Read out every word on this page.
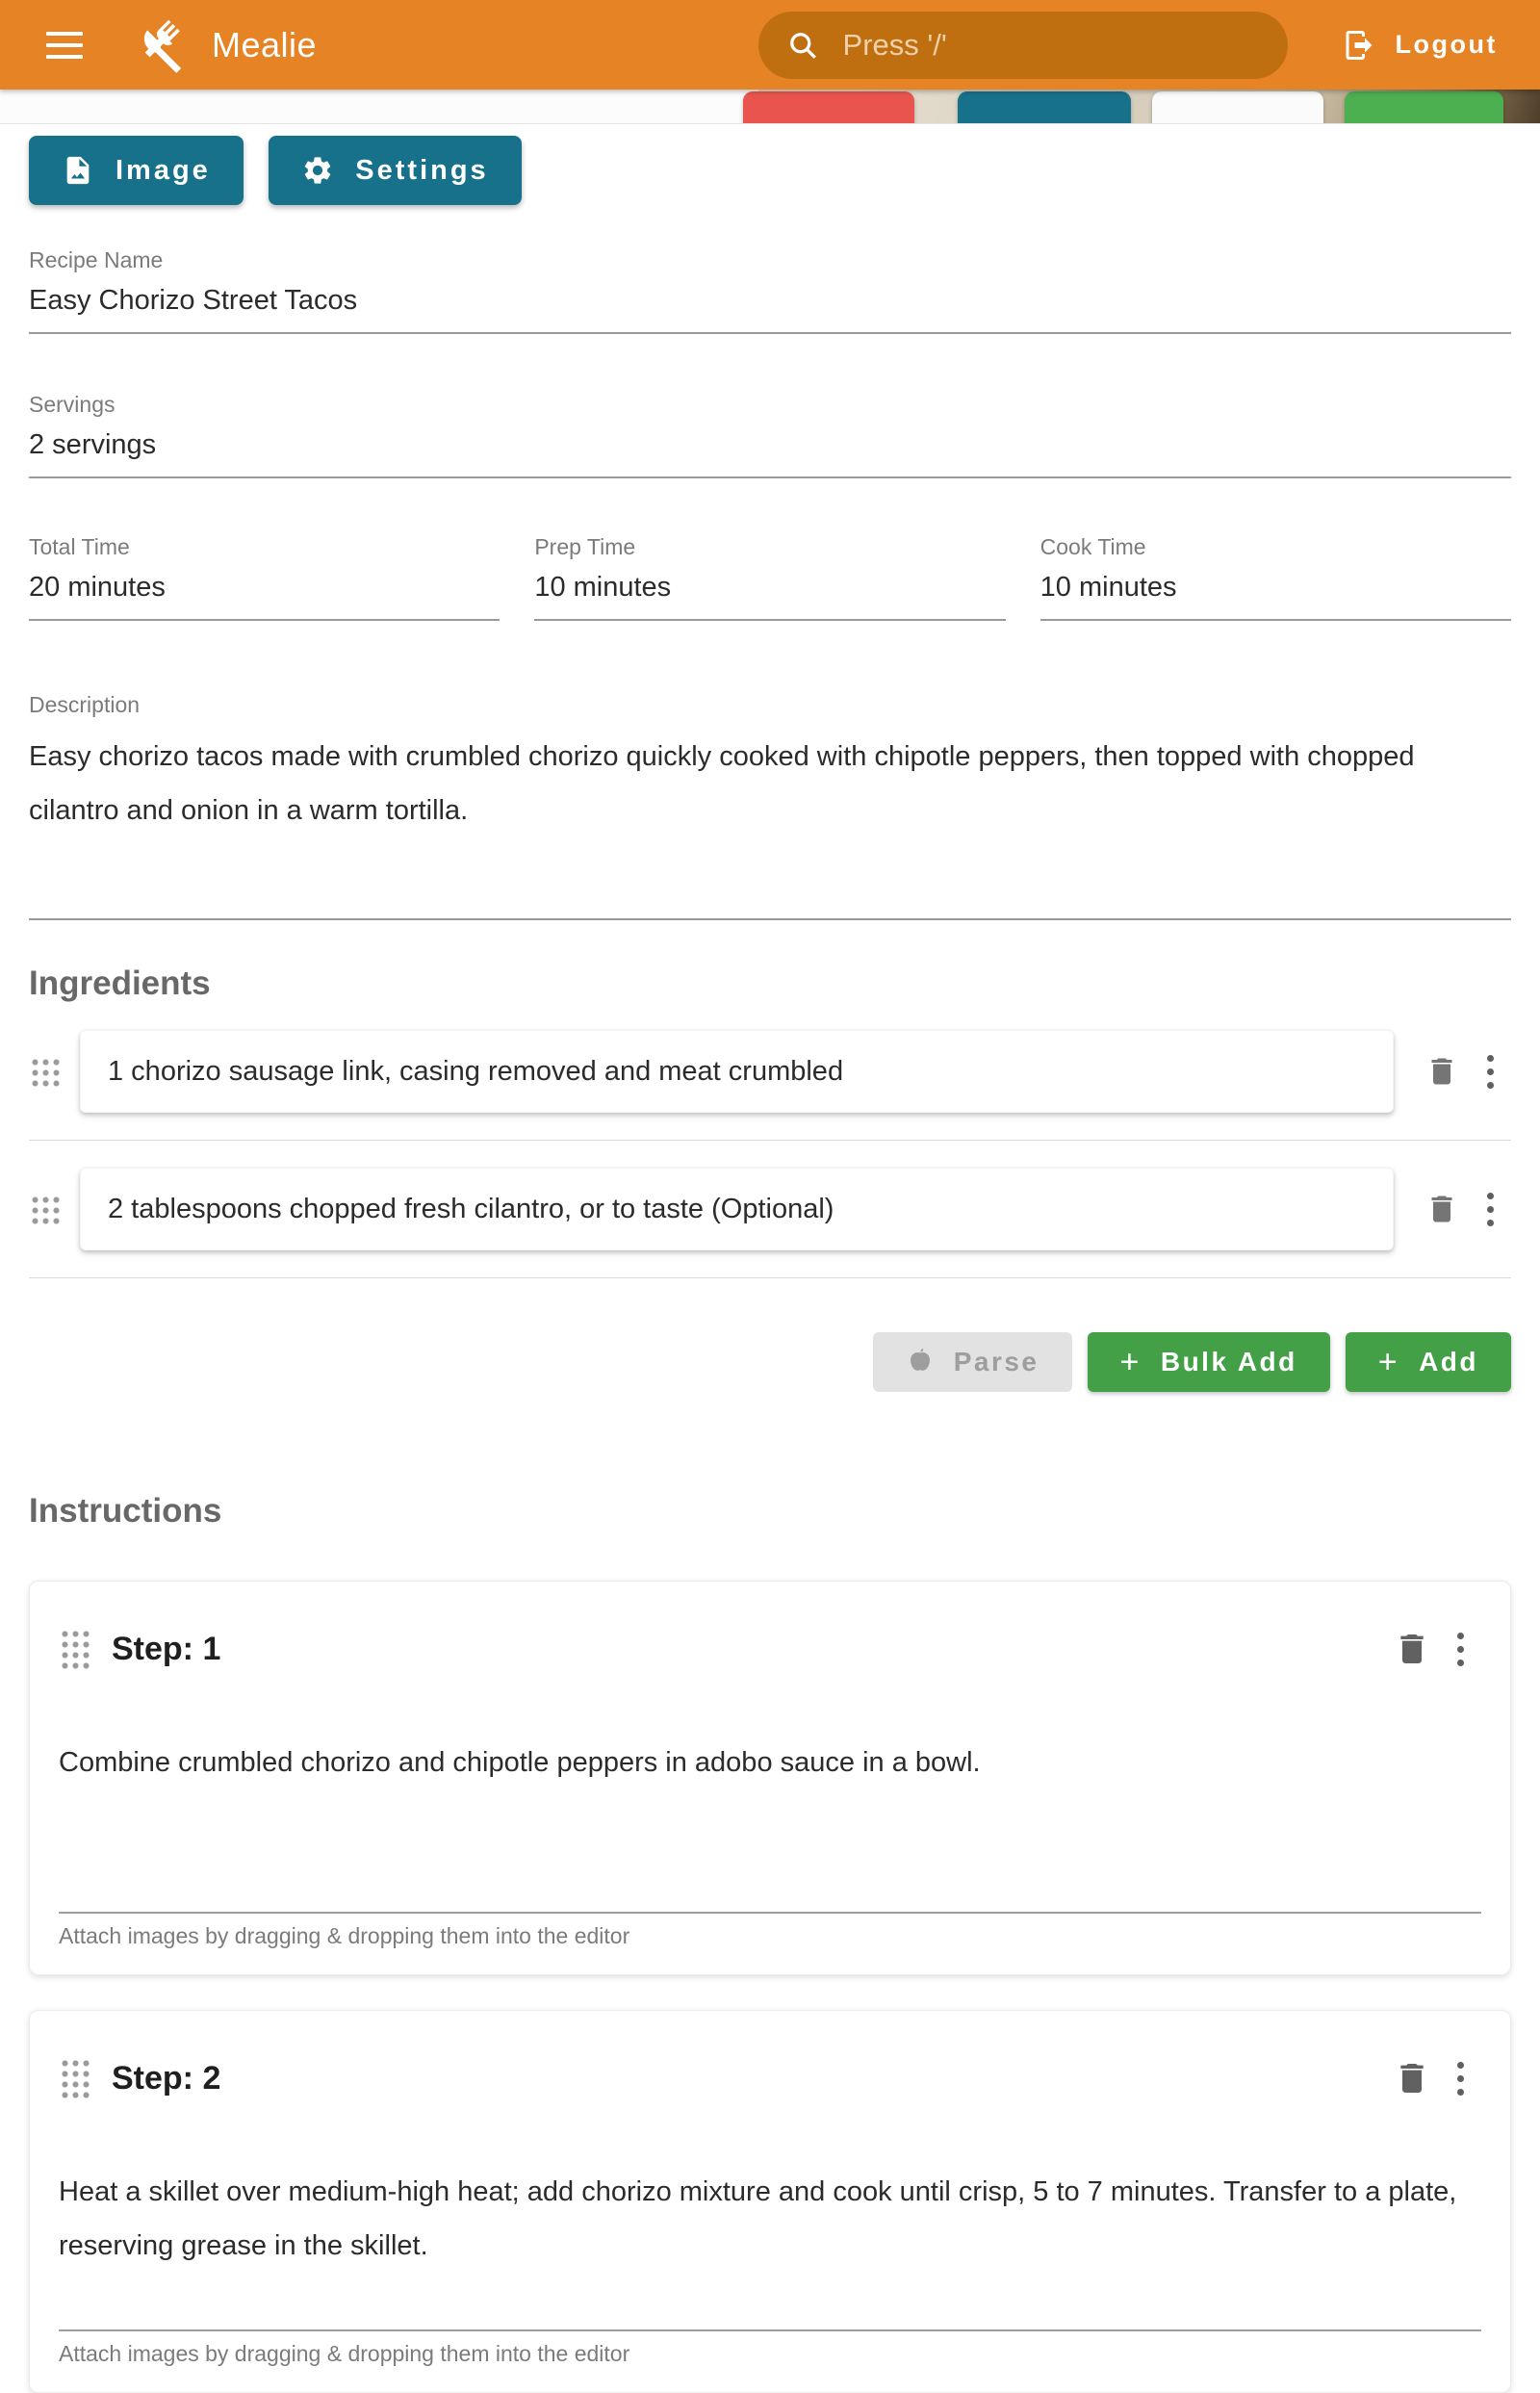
Mealie
Press '/'	Logout
Image
	Settings
Recipe Name
Easy Chorizo Street Tacos
Servings
2 servings
Total Time
20 minutes
Prep Time
10 minutes
Cook Time
10 minutes
Description
Easy chorizo tacos made with crumbled chorizo quickly cooked with chipotle peppers, then topped with chopped cilantro and onion in a warm tortilla.
Ingredients
1 chorizo sausage link, casing removed and meat crumbled
2 tablespoons chopped fresh cilantro, or to taste (Optional)
Parse + Bulk Add + Add
Instructions
Step: 1
Combine crumbled chorizo and chipotle peppers in adobo sauce in a bowl.
Attach images by dragging & dropping them into the editor
Step: 2
Heat a skillet over medium-high heat; add chorizo mixture and cook until crisp, 5 to 7 minutes. Transfer to a plate, reserving grease in the skillet.
Attach images by dragging & dropping them into the editor
